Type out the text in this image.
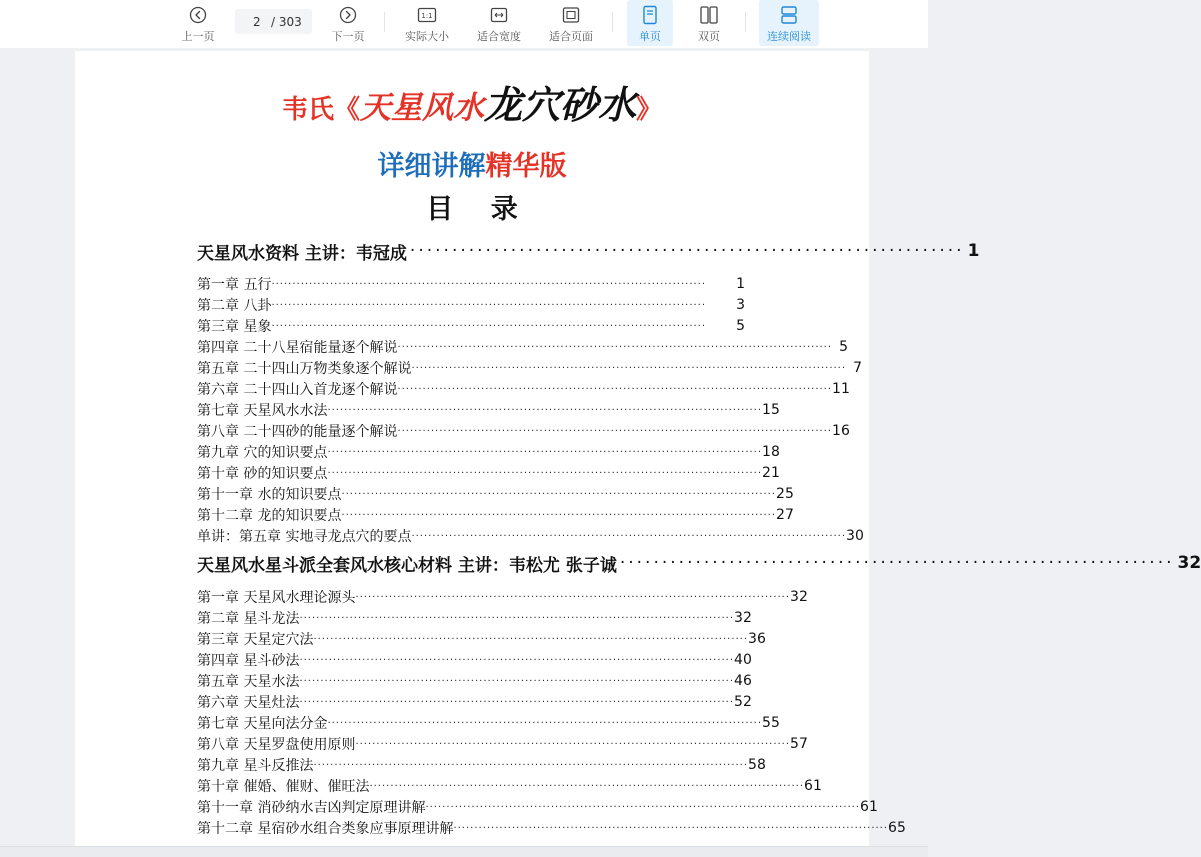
上一页
2 / 303
下一页
1:1
实际大小	适合宽度	适合页面	单页	双页	连续阅读
韦氏《天星风水龙穴砂水》
详细讲解精华版
目 录
天星风水资料 主讲：韦冠成 ·································································· 1
第一章 五行 ········································································································	1
第二章 八卦 ········································································································	3
第三章 星象 ········································································································	5
第四章 二十八星宿能量逐个解说 ········································································································ 5
第五章 二十四山万物类象逐个解说 ········································································································ 7
第六章 二十四山入首龙逐个解说 ········································································································ 11
第七章 天星风水水法 ········································································································ 15
第八章 二十四砂的能量逐个解说 ········································································································ 16
第九章 穴的知识要点 ········································································································ 18
第十章 砂的知识要点 ········································································································ 21
第十一章 水的知识要点 ········································································································ 25
第十二章 龙的知识要点 ········································································································ 27
单讲：第五章 实地寻龙点穴的要点 ········································································································ 30
天星风水星斗派全套风水核心材料 主讲：韦松尤 张子诚 ·································································· 32
第一章 天星风水理论源头 ········································································································ 32
第二章 星斗龙法 ········································································································ 32
第三章 天星定穴法 ········································································································ 36
第四章 星斗砂法 ········································································································ 40
第五章 天星水法 ········································································································ 46
第六章 天星灶法 ········································································································ 52
第七章 天星向法分金 ········································································································ 55
第八章 天星罗盘使用原则 ········································································································ 57
第九章 星斗反推法 ········································································································ 58
第十章 催婚、催财、催旺法 ········································································································ 61
第十一章 消砂纳水吉凶判定原理讲解 ········································································································ 61
第十二章 星宿砂水组合类象应事原理讲解 ········································································································ 65
